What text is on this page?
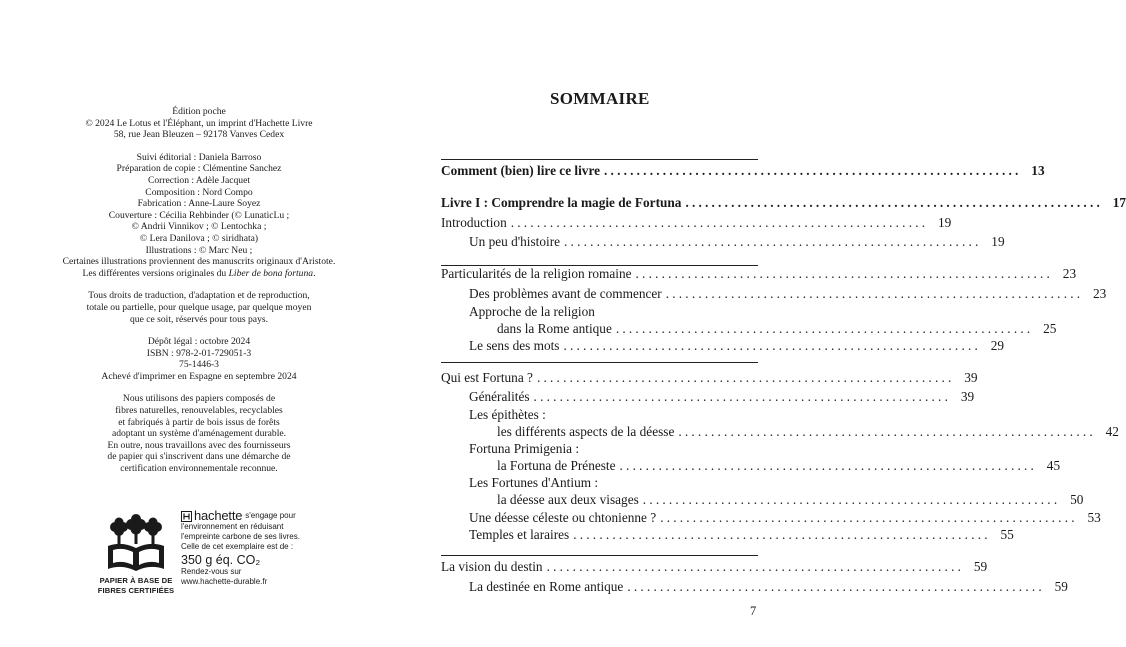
Édition poche
© 2024 Le Lotus et l'Éléphant, un imprint d'Hachette Livre
58, rue Jean Bleuzen – 92178 Vanves Cedex

Suivi éditorial : Daniela Barroso
Préparation de copie : Clémentine Sanchez
Correction : Adèle Jacquet
Composition : Nord Compo
Fabrication : Anne-Laure Soyez
Couverture : Cécilia Rehbinder (© LunaticLu ;
© Andrii Vinnikov ; © Lentochka ;
© Lera Danilova ; © siridhata)
Illustrations : © Marc Neu ;
Certaines illustrations proviennent des manuscrits originaux d'Aristote.
Les différentes versions originales du Liber de bona fortuna.

Tous droits de traduction, d'adaptation et de reproduction,
totale ou partielle, pour quelque usage, par quelque moyen
que ce soit, réservés pour tous pays.

Dépôt légal : octobre 2024
ISBN : 978-2-01-729051-3
75-1446-3
Achevé d'imprimer en Espagne en septembre 2024

Nous utilisons des papiers composés de
fibres naturelles, renouvelables, recyclables
et fabriqués à partir de bois issus de forêts
adoptant un système d'aménagement durable.
En outre, nous travaillons avec des fournisseurs
de papier qui s'inscrivent dans une démarche de
certification environnementale reconnue.

PAPIER À BASE DE
FIBRES CERTIFIÉES
hachette s'engage pour
l'environnement en réduisant
l'empreinte carbone de ses livres.
Celle de cet exemplaire est de :
350 g éq. CO₂
Rendez-vous sur
www.hachette-durable.fr
SOMMAIRE
Comment (bien) lire ce livre ................................................................ 13
Livre I : Comprendre la magie de Fortuna ................................................................ 17
Introduction ................................................................ 19
Un peu d'histoire ................................................................ 19
Particularités de la religion romaine ................................................................ 23
Des problèmes avant de commencer ................................................................ 23
Approche de la religion
dans la Rome antique ................................................................ 25
Le sens des mots ................................................................ 29
Qui est Fortuna ? ................................................................ 39
Généralités ................................................................ 39
Les épithètes :
les différents aspects de la déesse ................................................................ 42
Fortuna Primigenia :
la Fortuna de Préneste ................................................................ 45
Les Fortunes d'Antium :
la déesse aux deux visages ................................................................ 50
Une déesse céleste ou chtonienne ? ................................................................ 53
Temples et laraires ................................................................ 55
La vision du destin ................................................................ 59
La destinée en Rome antique ................................................................ 59
7
